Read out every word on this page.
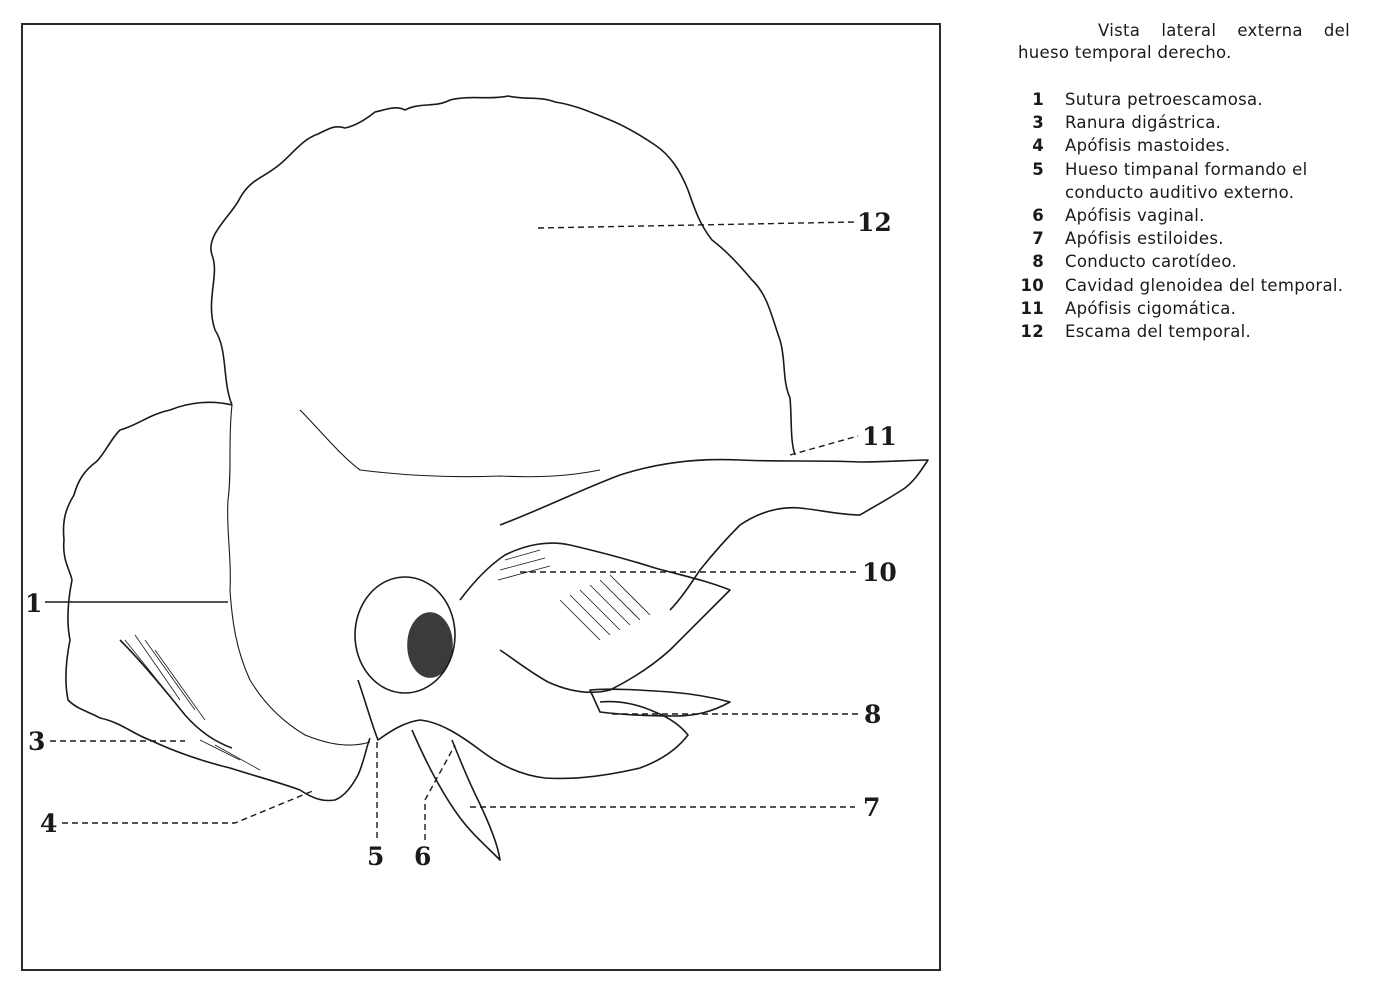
1
3
4
5 6
7
8
10
11
12
Vista lateral externa del
hueso temporal derecho.
1 Sutura petroescamosa.
3 Ranura digástrica.
4 Apófisis mastoides.
5 Hueso timpanal formando el conducto auditivo externo.
6 Apófisis vaginal.
7 Apófisis estiloides.
8 Conducto carotídeo.
10 Cavidad glenoidea del temporal.
11 Apófisis cigomática.
12 Escama del temporal.
